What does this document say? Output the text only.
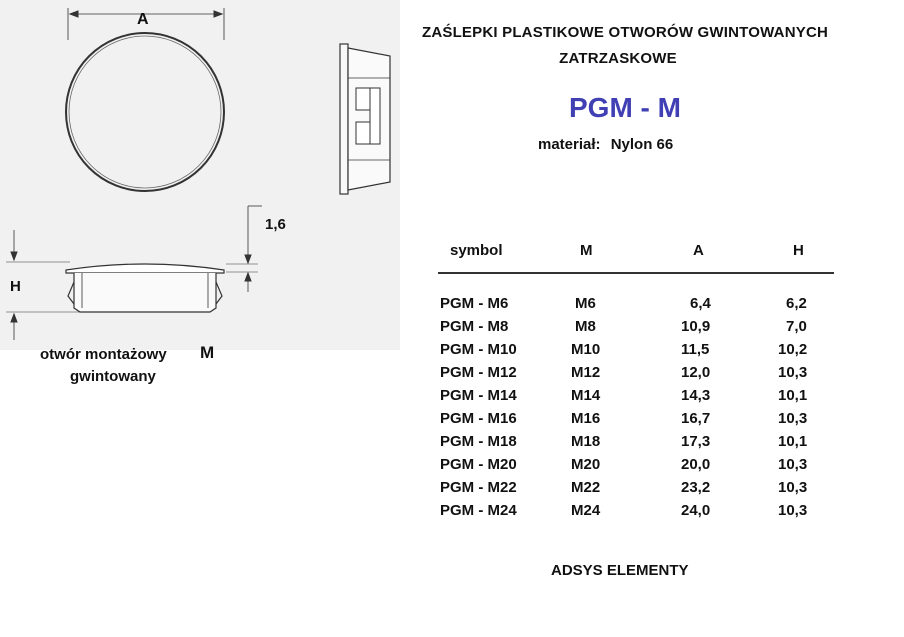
A
H
1,6
otwór montażowy M
gwintowany
ZAŚLEPKI PLASTIKOWE OTWORÓW GWINTOWANYCH
ZATRZASKOWE
PGM - M
materiał: Nylon 66
symbol	M	A	H
PGM - M6	M6	6,4	6,2
PGM - M8	M8	10,9	7,0
PGM - M10	M10	11,5	10,2
PGM - M12	M12	12,0	10,3
PGM - M14	M14	14,3	10,1
PGM - M16	M16	16,7	10,3
PGM - M18	M18	17,3	10,1
PGM - M20	M20	20,0	10,3
PGM - M22	M22	23,2	10,3
PGM - M24	M24	24,0	10,3
ADSYS ELEMENTY
